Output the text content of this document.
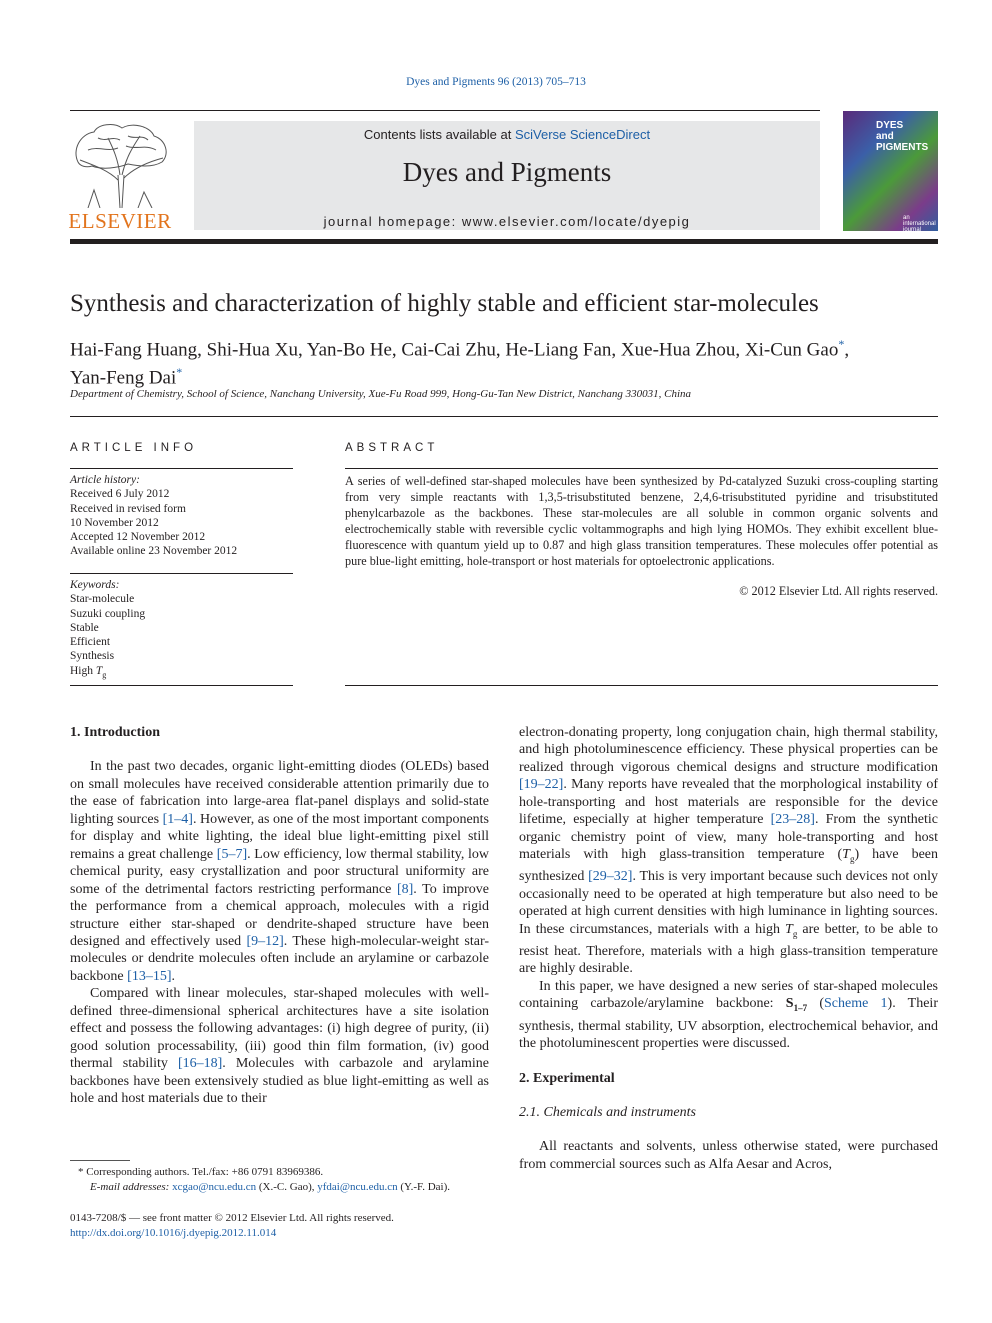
Dyes and Pigments 96 (2013) 705–713
ELSEVIER
Contents lists available at SciVerse ScienceDirect
Dyes and Pigments
journal homepage: www.elsevier.com/locate/dyepig
DYES
and
PIGMENTS
an international journal
Synthesis and characterization of highly stable and efficient star-molecules
Hai-Fang Huang, Shi-Hua Xu, Yan-Bo He, Cai-Cai Zhu, He-Liang Fan, Xue-Hua Zhou, Xi-Cun Gao*,
Yan-Feng Dai*
Department of Chemistry, School of Science, Nanchang University, Xue-Fu Road 999, Hong-Gu-Tan New District, Nanchang 330031, China
ARTICLE INFO
Article history:
Received 6 July 2012
Received in revised form
10 November 2012
Accepted 12 November 2012
Available online 23 November 2012
Keywords:
Star-molecule
Suzuki coupling
Stable
Efficient
Synthesis
High $T_g$
ABSTRACT
A series of well-defined star-shaped molecules have been synthesized by Pd-catalyzed Suzuki cross-coupling starting from very simple reactants with 1,3,5-trisubstituted benzene, 2,4,6-trisubstituted pyridine and trisubstituted phenylcarbazole as the backbones. These star-molecules are all soluble in common organic solvents and electrochemically stable with reversible cyclic voltammographs and high lying HOMOs. They exhibit excellent blue-fluorescence with quantum yield up to 0.87 and high glass transition temperatures. These molecules offer potential as pure blue-light emitting, hole-transport or host materials for optoelectronic applications.
© 2012 Elsevier Ltd. All rights reserved.

1. Introduction

In the past two decades, organic light-emitting diodes (OLEDs) based on small molecules have received considerable attention primarily due to the ease of fabrication into large-area flat-panel displays and solid-state lighting sources [1–4]. However, as one of the most important components for display and white lighting, the ideal blue light-emitting pixel still remains a great challenge [5–7]. Low efficiency, low thermal stability, low chemical purity, easy crystallization and poor structural uniformity are some of the detrimental factors restricting performance [8]. To improve the performance from a chemical approach, molecules with a rigid structure either star-shaped or dendrite-shaped structure have been designed and effectively used [9–12]. These high-molecular-weight star-molecules or dendrite molecules often include an arylamine or carbazole backbone [13–15].

Compared with linear molecules, star-shaped molecules with well-defined three-dimensional spherical architectures have a site isolation effect and possess the following advantages: (i) high degree of purity, (ii) good solution processability, (iii) good thin film formation, (iv) good thermal stability [16–18]. Molecules with carbazole and arylamine backbones have been extensively studied as blue light-emitting as well as hole and host materials due to their

electron-donating property, long conjugation chain, high thermal stability, and high photoluminescence efficiency. These physical properties can be realized through vigorous chemical designs and structure modification [19–22]. Many reports have revealed that the morphological instability of hole-transporting and host materials are responsible for the device lifetime, especially at higher temperature [23–28]. From the synthetic organic chemistry point of view, many hole-transporting and host materials with high glass-transition temperature $(T_g)$ have been synthesized [29–32]. This is very important because such devices not only occasionally need to be operated at high temperature but also need to be operated at high current densities with high luminance in lighting sources. In these circumstances, materials with a high $T_g$ are better, to be able to resist heat. Therefore, materials with a high glass-transition temperature are highly desirable.

In this paper, we have designed a new series of star-shaped molecules containing carbazole/arylamine backbone: $S_{1-7}$ (Scheme 1). Their synthesis, thermal stability, UV absorption, electrochemical behavior, and the photoluminescent properties were discussed.

2. Experimental

2.1. Chemicals and instruments

All reactants and solvents, unless otherwise stated, were purchased from commercial sources such as Alfa Aesar and Acros,

* Corresponding authors. Tel./fax: +86 0791 83969386.
E-mail addresses: xcgao@ncu.edu.cn (X.-C. Gao), yfdai@ncu.edu.cn (Y.-F. Dai).
0143-7208/$ — see front matter © 2012 Elsevier Ltd. All rights reserved.
http://dx.doi.org/10.1016/j.dyepig.2012.11.014
